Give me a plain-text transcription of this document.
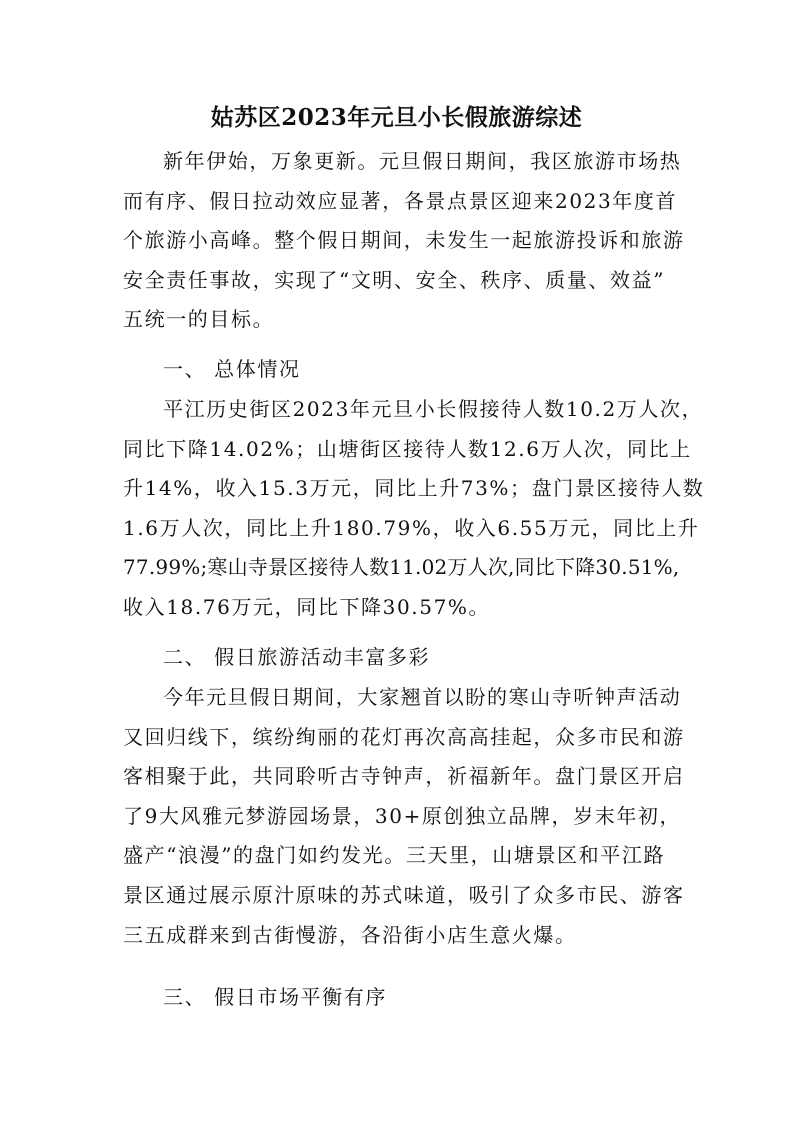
姑苏区2023年元旦小长假旅游综述
新年伊始，万象更新。元旦假日期间，我区旅游市场热
而有序、假日拉动效应显著，各景点景区迎来2023年度首
个旅游小高峰。整个假日期间，未发生一起旅游投诉和旅游
安全责任事故，实现了“文明、安全、秩序、质量、效益”
五统一的目标。
一、 总体情况
平江历史街区2023年元旦小长假接待人数10.2万人次，
同比下降14.02%；山塘街区接待人数12.6万人次，同比上
升14%，收入15.3万元，同比上升73%；盘门景区接待人数
1.6万人次，同比上升180.79%，收入6.55万元，同比上升
77.99%;寒山寺景区接待人数11.02万人次,同比下降30.51%,
收入18.76万元，同比下降30.57%。
二、 假日旅游活动丰富多彩
今年元旦假日期间，大家翘首以盼的寒山寺听钟声活动
又回归线下，缤纷绚丽的花灯再次高高挂起，众多市民和游
客相聚于此，共同聆听古寺钟声，祈福新年。盘门景区开启
了9大风雅元梦游园场景，30+原创独立品牌，岁末年初，
盛产“浪漫”的盘门如约发光。三天里，山塘景区和平江路
景区通过展示原汁原味的苏式味道，吸引了众多市民、游客
三五成群来到古街慢游，各沿街小店生意火爆。
三、 假日市场平衡有序
